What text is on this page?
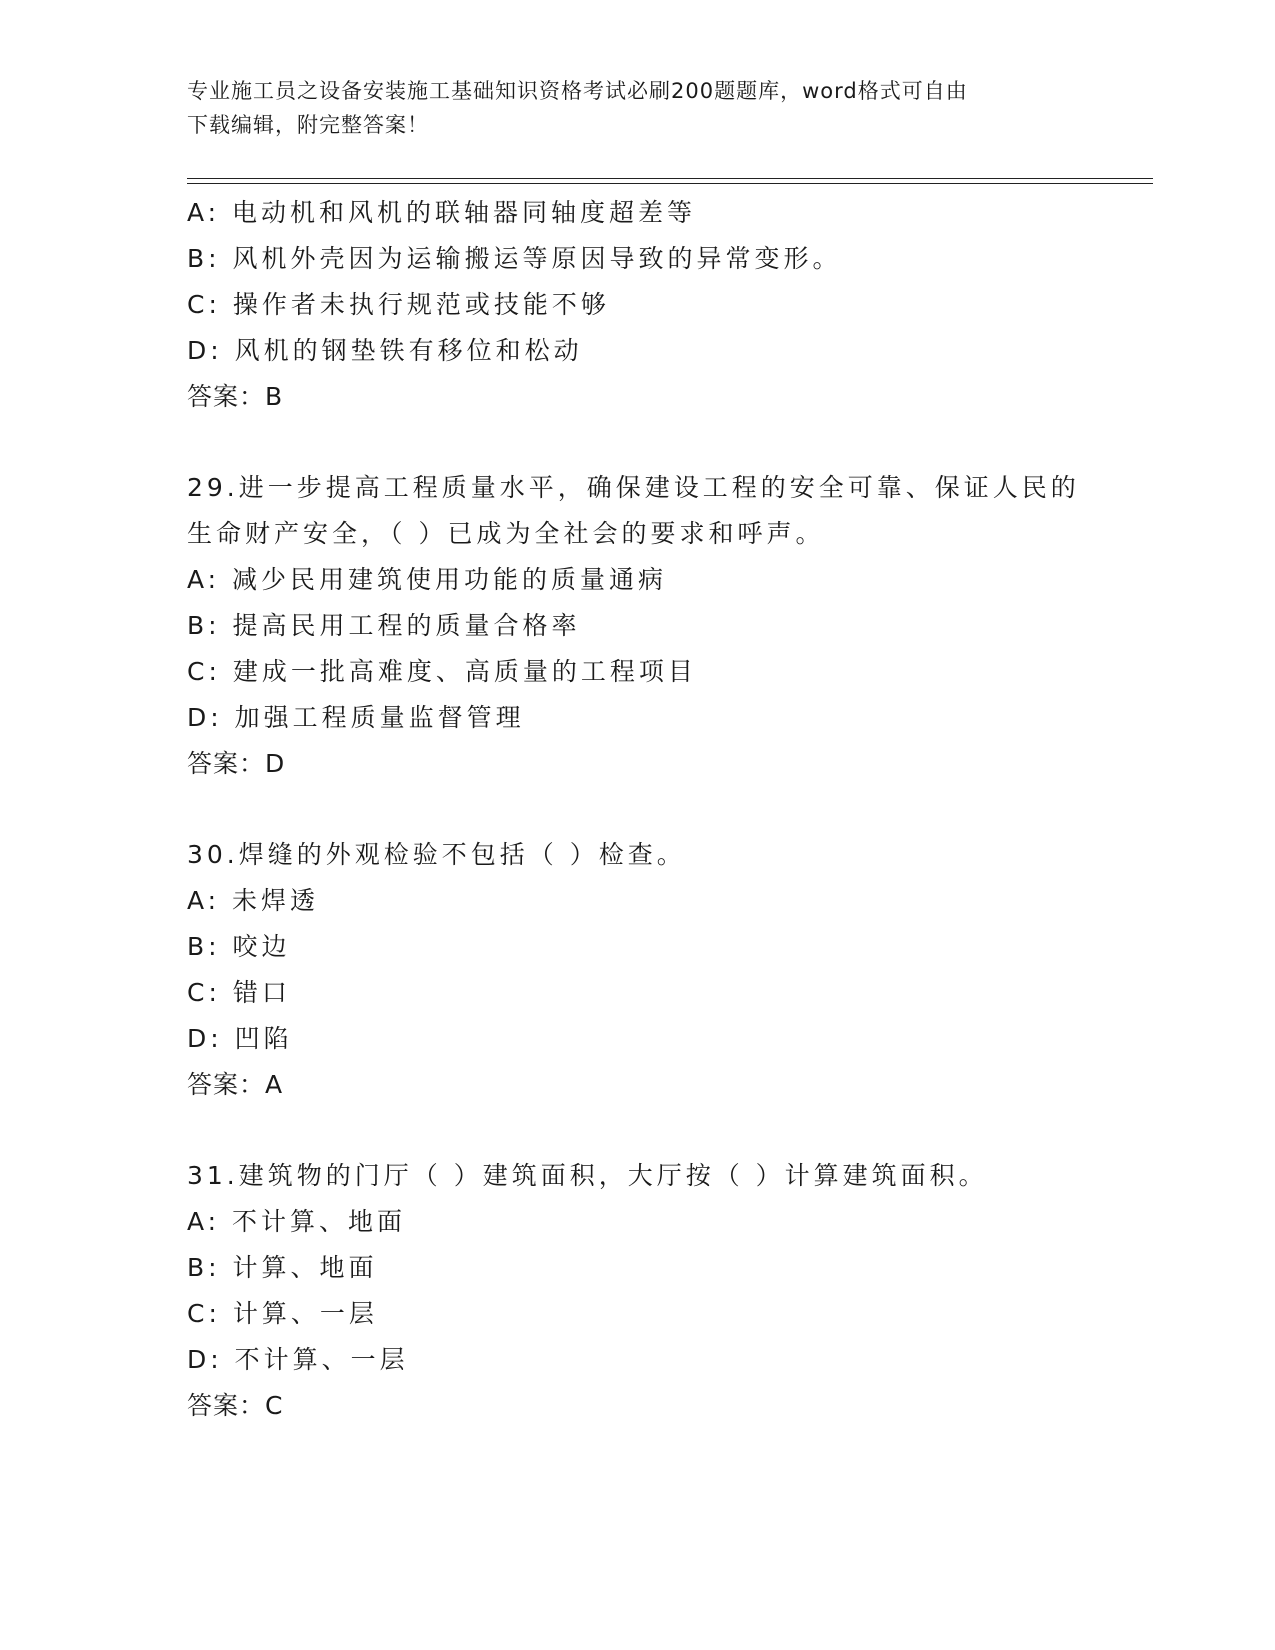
专业施工员之设备安装施工基础知识资格考试必刷200题题库，word格式可自由
下载编辑，附完整答案！
A: 电动机和风机的联轴器同轴度超差等
B: 风机外壳因为运输搬运等原因导致的异常变形。
C: 操作者未执行规范或技能不够
D: 风机的钢垫铁有移位和松动
答案：B
29.进一步提高工程质量水平，确保建设工程的安全可靠、保证人民的
生命财产安全，（ ）已成为全社会的要求和呼声。
A: 减少民用建筑使用功能的质量通病
B: 提高民用工程的质量合格率
C: 建成一批高难度、高质量的工程项目
D: 加强工程质量监督管理
答案：D
30.焊缝的外观检验不包括（ ）检查。
A: 未焊透
B: 咬边
C: 错口
D: 凹陷
答案：A
31.建筑物的门厅（ ）建筑面积，大厅按（ ）计算建筑面积。
A: 不计算、地面
B: 计算、地面
C: 计算、一层
D: 不计算、一层
答案：C
